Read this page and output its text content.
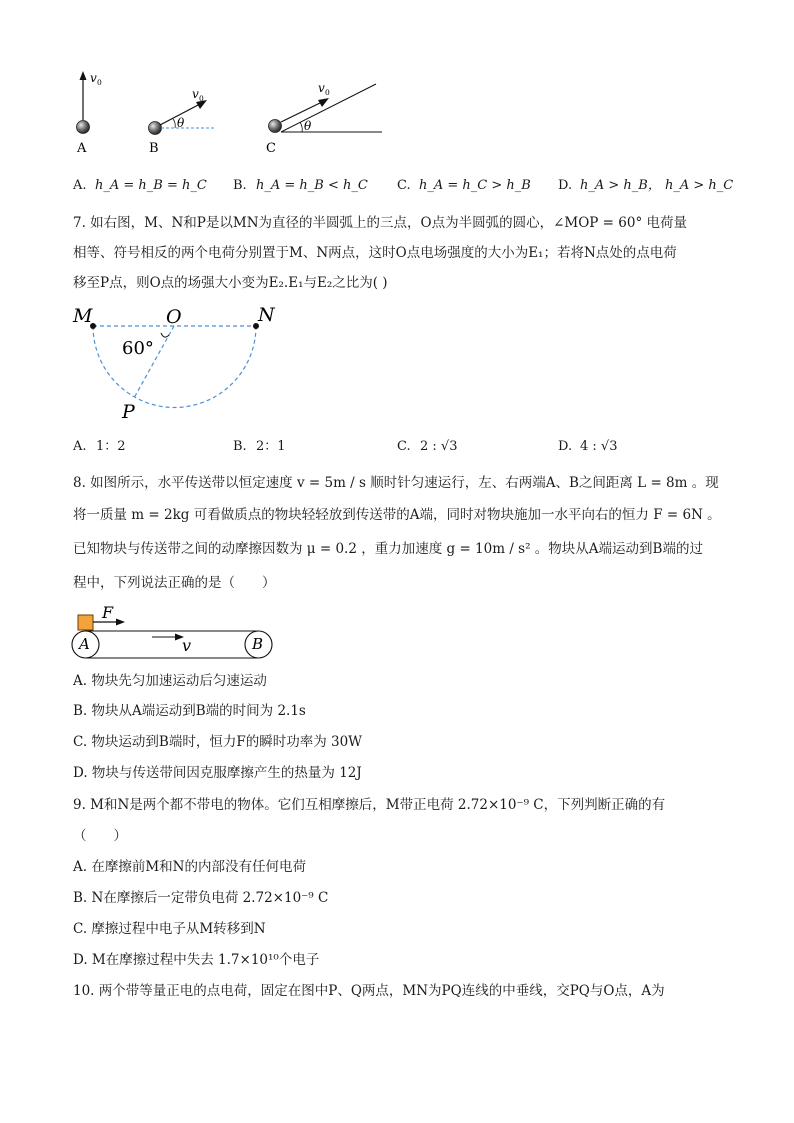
v 0
A
θ
v 0
B
θ
v 0
C
A. h_A = h_B = h_C B. h_A = h_B < h_C C. h_A = h_C > h_B D. h_A > h_B， h_A > h_C
7. 如右图，M、N和P是以MN为直径的半圆弧上的三点，O点为半圆弧的圆心，∠MOP = 60° 电荷量
相等、符号相反的两个电荷分别置于M、N两点，这时O点电场强度的大小为E₁；若将N点处的点电荷
移至P点，则O点的场强大小变为E₂.E₁与E₂之比为( )
M	O	N
P
60°
A. 1：2	B. 2：1	C. 2 : √3	D. 4 : √3
8. 如图所示，水平传送带以恒定速度 v = 5m / s 顺时针匀速运行，左、右两端A、B之间距离 L = 8m 。现
将一质量 m = 2kg 可看做质点的物块轻轻放到传送带的A端，同时对物块施加一水平向右的恒力 F = 6N 。
已知物块与传送带之间的动摩擦因数为 μ = 0.2 ，重力加速度 g = 10m / s² 。物块从A端运动到B端的过
程中，下列说法正确的是（　　）
F
A	B
v
A. 物块先匀加速运动后匀速运动
B. 物块从A端运动到B端的时间为 2.1s
C. 物块运动到B端时，恒力F的瞬时功率为 30W
D. 物块与传送带间因克服摩擦产生的热量为 12J
9. M和N是两个都不带电的物体。它们互相摩擦后，M带正电荷 2.72×10⁻⁹ C，下列判断正确的有
（　　）
A. 在摩擦前M和N的内部没有任何电荷
B. N在摩擦后一定带负电荷 2.72×10⁻⁹ C
C. 摩擦过程中电子从M转移到N
D. M在摩擦过程中失去 1.7×10¹⁰个电子
10. 两个带等量正电的点电荷，固定在图中P、Q两点，MN为PQ连线的中垂线，交PQ与O点，A为
